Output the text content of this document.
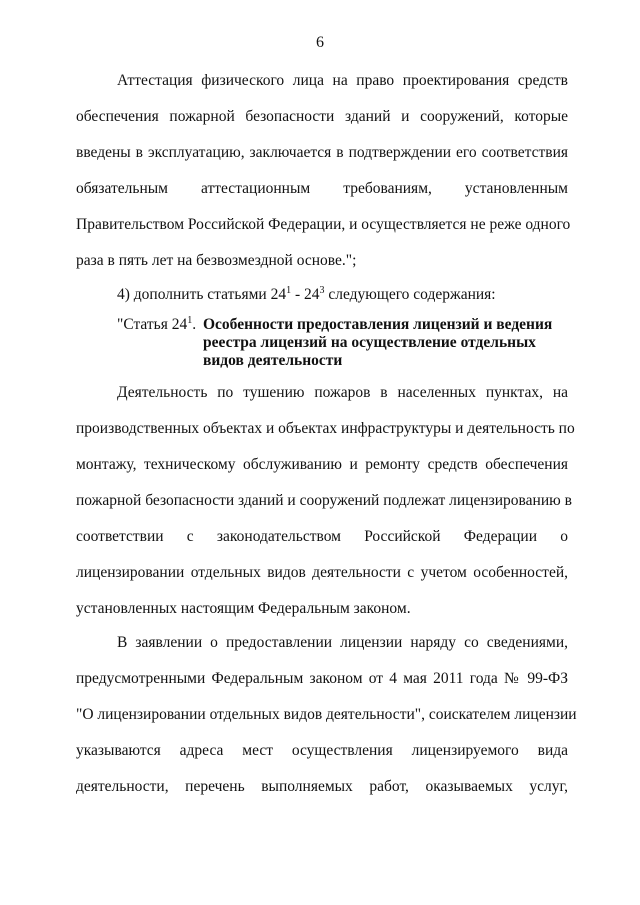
6
Аттестация физического лица на право проектирования средств
обеспечения пожарной безопасности зданий и сооружений, которые
введены в эксплуатацию, заключается в подтверждении его соответствия
обязательным аттестационным требованиям, установленным
Правительством Российской Федерации, и осуществляется не реже одного
раза в пять лет на безвозмездной основе.";
4) дополнить статьями $24^1 - 24^3$ следующего содержания:
"Статья $24^1$. Особенности предоставления лицензий и ведения
реестра лицензий на осуществление отдельных
видов деятельности
Деятельность по тушению пожаров в населенных пунктах, на
производственных объектах и объектах инфраструктуры и деятельность по
монтажу, техническому обслуживанию и ремонту средств обеспечения
пожарной безопасности зданий и сооружений подлежат лицензированию в
соответствии с законодательством Российской Федерации о
лицензировании отдельных видов деятельности с учетом особенностей,
установленных настоящим Федеральным законом.
В заявлении о предоставлении лицензии наряду со сведениями,
предусмотренными Федеральным законом от 4 мая 2011 года № 99-ФЗ
"О лицензировании отдельных видов деятельности", соискателем лицензии
указываются адреса мест осуществления лицензируемого вида
деятельности, перечень выполняемых работ, оказываемых услуг,
